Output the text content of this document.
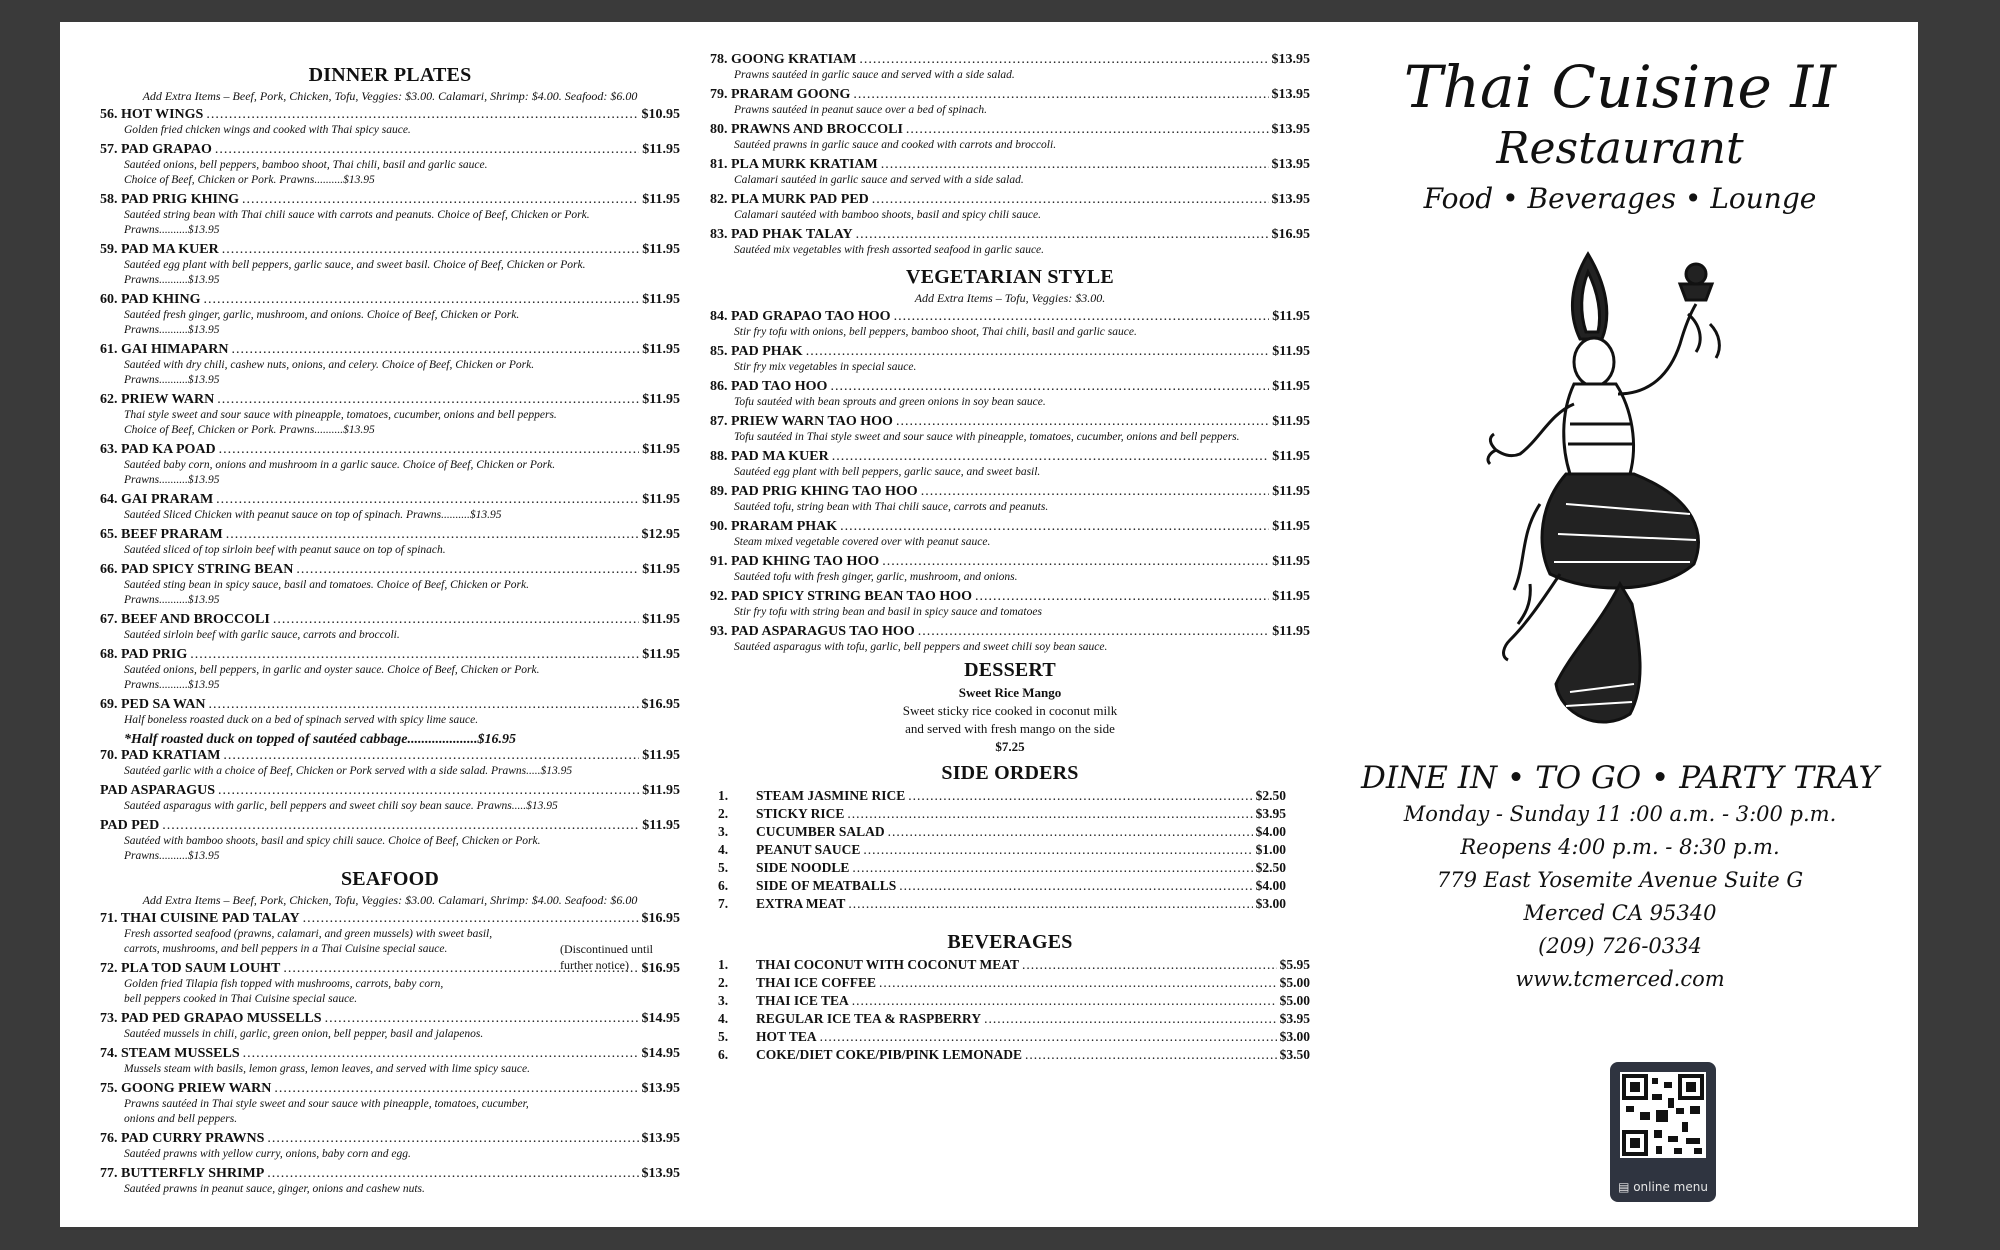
DINNER PLATES
Add Extra Items – Beef, Pork, Chicken, Tofu, Veggies: $3.00. Calamari, Shrimp: $4.00. Seafood: $6.00
56. HOT WINGS .....	$10.95
Golden fried chicken wings and cooked with Thai spicy sauce.
57. PAD GRAPAO .....	$11.95
Sautéed onions, bell peppers, bamboo shoot, Thai chili, basil and garlic sauce.
Choice of Beef, Chicken or Pork. Prawns..........$13.95
58. PAD PRIG KHING .....	$11.95
Sautéed string bean with Thai chili sauce with carrots and peanuts. Choice of Beef, Chicken or Pork.
Prawns..........$13.95
59. PAD MA KUER .....	$11.95
Sautéed egg plant with bell peppers, garlic sauce, and sweet basil. Choice of Beef, Chicken or Pork.
Prawns..........$13.95
60. PAD KHING .....	$11.95
Sautéed fresh ginger, garlic, mushroom, and onions. Choice of Beef, Chicken or Pork.
Prawns..........$13.95
61. GAI HIMAPARN .....	$11.95
Sautéed with dry chili, cashew nuts, onions, and celery. Choice of Beef, Chicken or Pork.
Prawns..........$13.95
62. PRIEW WARN .....	$11.95
Thai style sweet and sour sauce with pineapple, tomatoes, cucumber, onions and bell peppers.
Choice of Beef, Chicken or Pork. Prawns..........$13.95
63. PAD KA POAD .....	$11.95
Sautéed baby corn, onions and mushroom in a garlic sauce. Choice of Beef, Chicken or Pork.
Prawns..........$13.95
64. GAI PRARAM .....	$11.95
Sautéed Sliced Chicken with peanut sauce on top of spinach. Prawns..........$13.95
65. BEEF PRARAM .....	$12.95
Sautéed sliced of top sirloin beef with peanut sauce on top of spinach.
66. PAD SPICY STRING BEAN .....	$11.95
Sautéed sting bean in spicy sauce, basil and tomatoes. Choice of Beef, Chicken or Pork.
Prawns..........$13.95
67. BEEF AND BROCCOLI .....	$11.95
Sautéed sirloin beef with garlic sauce, carrots and broccoli.
68. PAD PRIG .....	$11.95
Sautéed onions, bell peppers, in garlic and oyster sauce. Choice of Beef, Chicken or Pork.
Prawns..........$13.95
69. PED SA WAN .....	$16.95
Half boneless roasted duck on a bed of spinach served with spicy lime sauce.
*Half roasted duck on topped of sautéed cabbage....................$16.95
70. PAD KRATIAM .....	$11.95
Sautéed garlic with a choice of Beef, Chicken or Pork served with a side salad. Prawns.....$13.95
PAD ASPARAGUS .....	$11.95
Sautéed asparagus with garlic, bell peppers and sweet chili soy bean sauce. Prawns.....$13.95
PAD PED .....	$11.95
Sautéed with bamboo shoots, basil and spicy chili sauce. Choice of Beef, Chicken or Pork.
Prawns..........$13.95
SEAFOOD
Add Extra Items – Beef, Pork, Chicken, Tofu, Veggies: $3.00. Calamari, Shrimp: $4.00. Seafood: $6.00
(Discontinued until further notice)
71. THAI CUISINE PAD TALAY .....	$16.95
Fresh assorted seafood (prawns, calamari, and green mussels) with sweet basil,
carrots, mushrooms, and bell peppers in a Thai Cuisine special sauce.
72. PLA TOD SAUM LOUHT .....	$16.95
Golden fried Tilapia fish topped with mushrooms, carrots, baby corn,
bell peppers cooked in Thai Cuisine special sauce.
73. PAD PED GRAPAO MUSSELLS .....	$14.95
Sautéed mussels in chili, garlic, green onion, bell pepper, basil and jalapenos.
74. STEAM MUSSELS .....	$14.95
Mussels steam with basils, lemon grass, lemon leaves, and served with lime spicy sauce.
75. GOONG PRIEW WARN .....	$13.95
Prawns sautéed in Thai style sweet and sour sauce with pineapple, tomatoes, cucumber,
onions and bell peppers.
76. PAD CURRY PRAWNS .....	$13.95
Sautéed prawns with yellow curry, onions, baby corn and egg.
77. BUTTERFLY SHRIMP .....	$13.95
Sautéed prawns in peanut sauce, ginger, onions and cashew nuts.
78. GOONG KRATIAM .....	$13.95
Prawns sautéed in garlic sauce and served with a side salad.
79. PRARAM GOONG .....	$13.95
Prawns sautéed in peanut sauce over a bed of spinach.
80. PRAWNS AND BROCCOLI .....	$13.95
Sautéed prawns in garlic sauce and cooked with carrots and broccoli.
81. PLA MURK KRATIAM .....	$13.95
Calamari sautéed in garlic sauce and served with a side salad.
82. PLA MURK PAD PED .....	$13.95
Calamari sautéed with bamboo shoots, basil and spicy chili sauce.
83. PAD PHAK TALAY .....	$16.95
Sautéed mix vegetables with fresh assorted seafood in garlic sauce.
VEGETARIAN STYLE
Add Extra Items – Tofu, Veggies: $3.00.
84. PAD GRAPAO TAO HOO .....	$11.95
Stir fry tofu with onions, bell peppers, bamboo shoot, Thai chili, basil and garlic sauce.
85. PAD PHAK .....	$11.95
Stir fry mix vegetables in special sauce.
86. PAD TAO HOO .....	$11.95
Tofu sautéed with bean sprouts and green onions in soy bean sauce.
87. PRIEW WARN TAO HOO .....	$11.95
Tofu sautéed in Thai style sweet and sour sauce with pineapple, tomatoes, cucumber, onions and bell peppers.
88. PAD MA KUER .....	$11.95
Sautéed egg plant with bell peppers, garlic sauce, and sweet basil.
89. PAD PRIG KHING TAO HOO .....	$11.95
Sautéed tofu, string bean with Thai chili sauce, carrots and peanuts.
90. PRARAM PHAK .....	$11.95
Steam mixed vegetable covered over with peanut sauce.
91. PAD KHING TAO HOO .....	$11.95
Sautéed tofu with fresh ginger, garlic, mushroom, and onions.
92. PAD SPICY STRING BEAN TAO HOO .....	$11.95
Stir fry tofu with string bean and basil in spicy sauce and tomatoes
93. PAD ASPARAGUS TAO HOO .....	$11.95
Sautéed asparagus with tofu, garlic, bell peppers and sweet chili soy bean sauce.
DESSERT
Sweet Rice Mango
Sweet sticky rice cooked in coconut milk
and served with fresh mango on the side
$7.25
SIDE ORDERS
1.	STEAM JASMINE RICE .....	$2.50
2.	STICKY RICE .....	$3.95
3.	CUCUMBER SALAD .....	$4.00
4.	PEANUT SAUCE .....	$1.00
5.	SIDE NOODLE .....	$2.50
6.	SIDE OF MEATBALLS .....	$4.00
7.	EXTRA MEAT .....	$3.00
BEVERAGES
1.	THAI COCONUT WITH COCONUT MEAT .....	$5.95
2.	THAI ICE COFFEE .....	$5.00
3.	THAI ICE TEA .....	$5.00
4.	REGULAR ICE TEA & RASPBERRY .....	$3.95
5.	HOT TEA .....	$3.00
6.	COKE/DIET COKE/PIB/PINK LEMONADE .....	$3.50
Thai Cuisine II
Restaurant
Food • Beverages • Lounge
DINE IN • TO GO • PARTY TRAY
Monday - Sunday 11 :00 a.m. - 3:00 p.m.
Reopens 4:00 p.m. - 8:30 p.m.
779 East Yosemite Avenue Suite G
Merced CA 95340
(209) 726-0334
www.tcmerced.com
▤ online menu
